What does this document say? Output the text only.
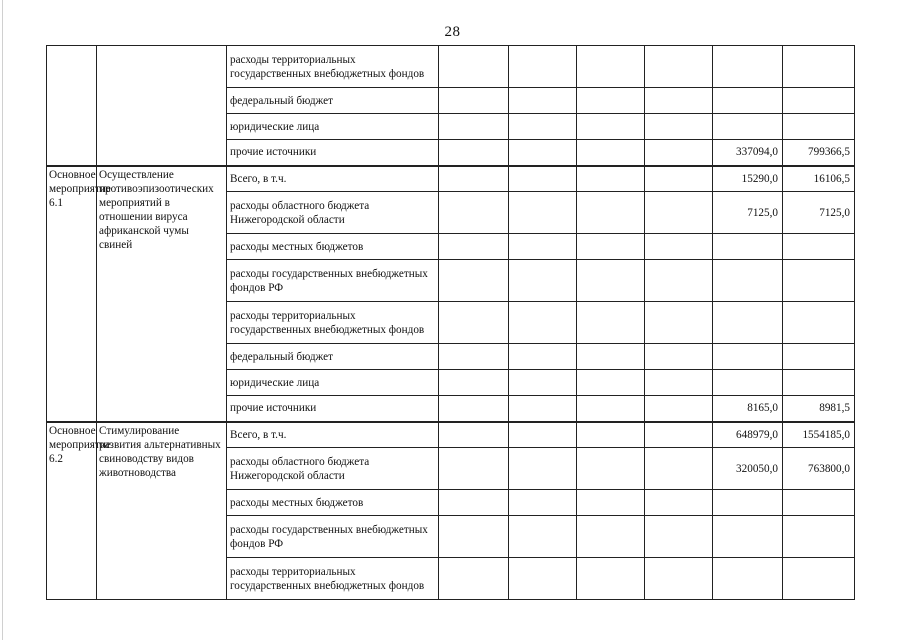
28
		расходы территориальных государственных внебюджетных фондов						
		федеральный бюджет						
		юридические лица						
		прочие источники					337094,0	799366,5
Основное мероприятие 6.1	Осуществление противоэпизоотических мероприятий в отношении вируса африканской чумы свиней	Всего, в т.ч.					15290,0	16106,5
		расходы областного бюджета Нижегородской области					7125,0	7125,0
		расходы местных бюджетов						
		расходы государственных внебюджетных фондов РФ						
		расходы территориальных государственных внебюджетных фондов						
		федеральный бюджет						
		юридические лица						
		прочие источники					8165,0	8981,5
Основное мероприятие 6.2	Стимулирование развития альтернативных свиноводству видов животноводства	Всего, в т.ч.					648979,0	1554185,0
		расходы областного бюджета Нижегородской области					320050,0	763800,0
		расходы местных бюджетов						
		расходы государственных внебюджетных фондов РФ						
		расходы территориальных государственных внебюджетных фондов						
